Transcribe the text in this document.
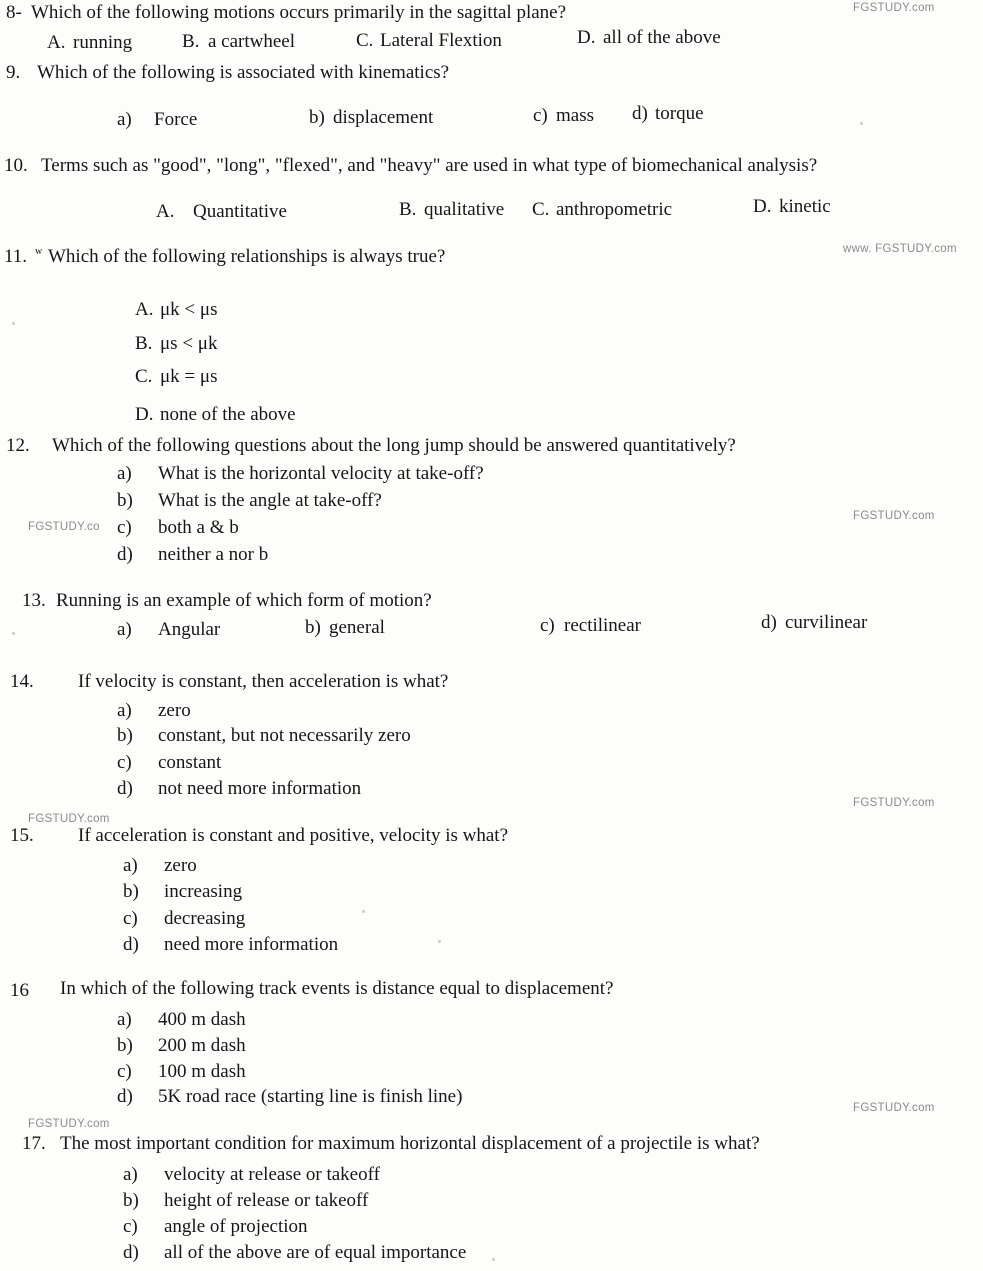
8- Which of the following motions occurs primarily in the sagittal plane?
A. running	B. a cartwheel	C. Lateral Flextion	D. all of the above
9. Which of the following is associated with kinematics?
a) Force	b) displacement	c) mass d) torque
10. Terms such as "good", "long", "flexed", and "heavy" are used in what type of biomechanical analysis?
A. Quantitative	B. qualitative C. anthropometric	D. kinetic
11. w Which of the following relationships is always true?
A. μk < μs
B. μs < μk
C. μk = μs
D. none of the above
12. Which of the following questions about the long jump should be answered quantitatively?
a) What is the horizontal velocity at take-off?
b) What is the angle at take-off?
c) both a & b
d) neither a nor b
13. Running is an example of which form of motion?
a) Angular	b) general	c) rectilinear	d) curvilinear
14. If velocity is constant, then acceleration is what?
a) zero
b) constant, but not necessarily zero
c) constant
d) not need more information
15. If acceleration is constant and positive, velocity is what?
a) zero
b) increasing
c) decreasing
d) need more information
16 In which of the following track events is distance equal to displacement?
a) 400 m dash
b) 200 m dash
c) 100 m dash
d) 5K road race (starting line is finish line)
17. The most important condition for maximum horizontal displacement of a projectile is what?
a) velocity at release or takeoff
b) height of release or takeoff
c) angle of projection
d) all of the above are of equal importance
FGSTUDY.com
www. FGSTUDY.com
FGSTUDY.com
FGSTUDY.co
FGSTUDY.com
FGSTUDY.com
FGSTUDY.com
FGSTUDY.com
